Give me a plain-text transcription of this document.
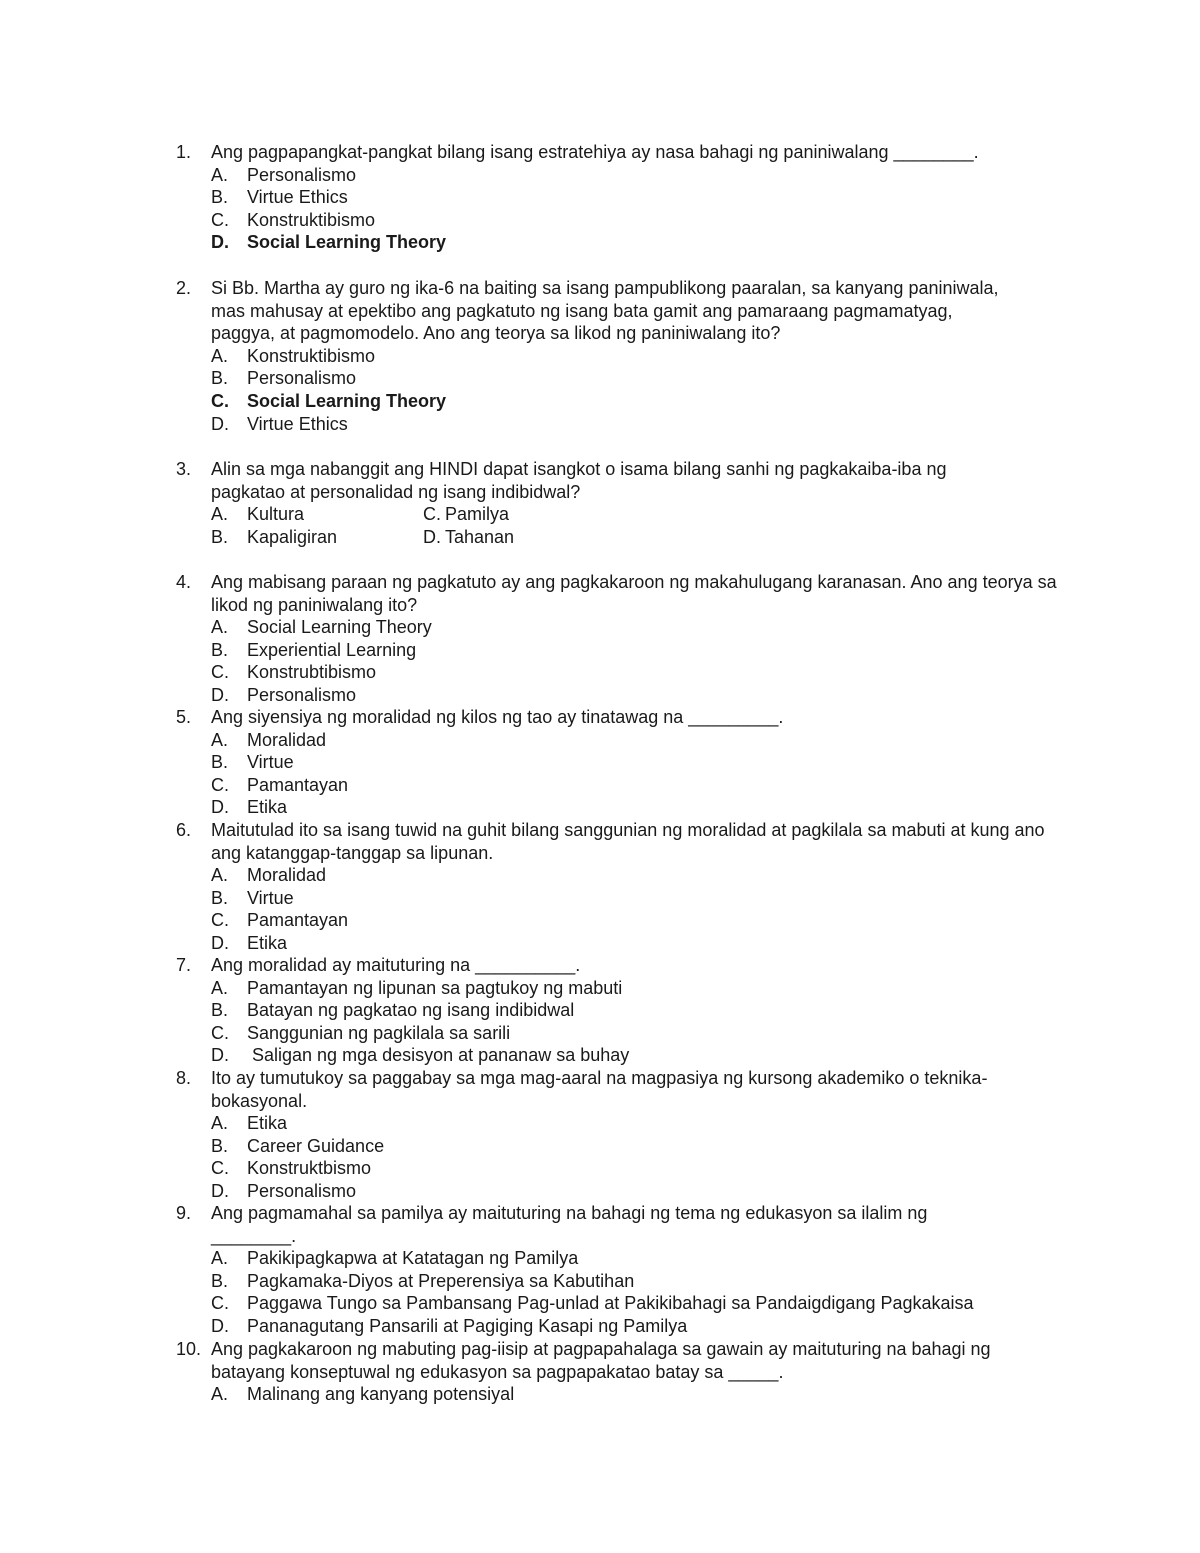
1.	Ang pagpapangkat-pangkat bilang isang estratehiya ay nasa bahagi ng paniniwalang ________.
A. Personalismo
B. Virtue Ethics
C. Konstruktibismo
D. Social Learning Theory
2.	Si Bb. Martha ay guro ng ika-6 na baiting sa isang pampublikong paaralan, sa kanyang paniniwala, mas mahusay at epektibo ang pagkatuto ng isang bata gamit ang pamaraang pagmamatyag, paggya, at pagmomodelo. Ano ang teorya sa likod ng paniniwalang ito?
A. Konstruktibismo
B. Personalismo
C. Social Learning Theory
D. Virtue Ethics
3.	Alin sa mga nabanggit ang HINDI dapat isangkot o isama bilang sanhi ng pagkakaiba-iba ng pagkatao at personalidad ng isang indibidwal?
A. Kultura
B. Kapaligiran
C. Pamilya
D. Tahanan
4.	Ang mabisang paraan ng pagkatuto ay ang pagkakaroon ng makahulugang karanasan. Ano ang teorya sa likod ng paniniwalang ito?
A. Social Learning Theory
B. Experiential Learning
C. Konstrubtibismo
D. Personalismo
5.	Ang siyensiya ng moralidad ng kilos ng tao ay tinatawag na _________.
A. Moralidad
B. Virtue
C. Pamantayan
D. Etika
6.	Maitutulad ito sa isang tuwid na guhit bilang sanggunian ng moralidad at pagkilala sa mabuti at kung ano ang katanggap-tanggap sa lipunan.
A. Moralidad
B. Virtue
C. Pamantayan
D. Etika
7.	Ang moralidad ay maituturing na __________.
A. Pamantayan ng lipunan sa pagtukoy ng mabuti
B. Batayan ng pagkatao ng isang indibidwal
C. Sanggunian ng pagkilala sa sarili
D. Saligan ng mga desisyon at pananaw sa buhay
8.	Ito ay tumutukoy sa paggabay sa mga mag-aaral na magpasiya ng kursong akademiko o teknika-bokasyonal.
A. Etika
B. Career Guidance
C. Konstruktbismo
D. Personalismo
9.	Ang pagmamahal sa pamilya ay maituturing na bahagi ng tema ng edukasyon sa ilalim ng ________.
A. Pakikipagkapwa at Katatagan ng Pamilya
B. Pagkamaka-Diyos at Preperensiya sa Kabutihan
C. Paggawa Tungo sa Pambansang Pag-unlad at Pakikibahagi sa Pandaigdigang Pagkakaisa
D. Pananagutang Pansarili at Pagiging Kasapi ng Pamilya
10. Ang pagkakaroon ng mabuting pag-iisip at pagpapahalaga sa gawain ay maituturing na bahagi ng batayang konseptuwal ng edukasyon sa pagpapakatao batay sa _____.
A. Malinang ang kanyang potensiyal
